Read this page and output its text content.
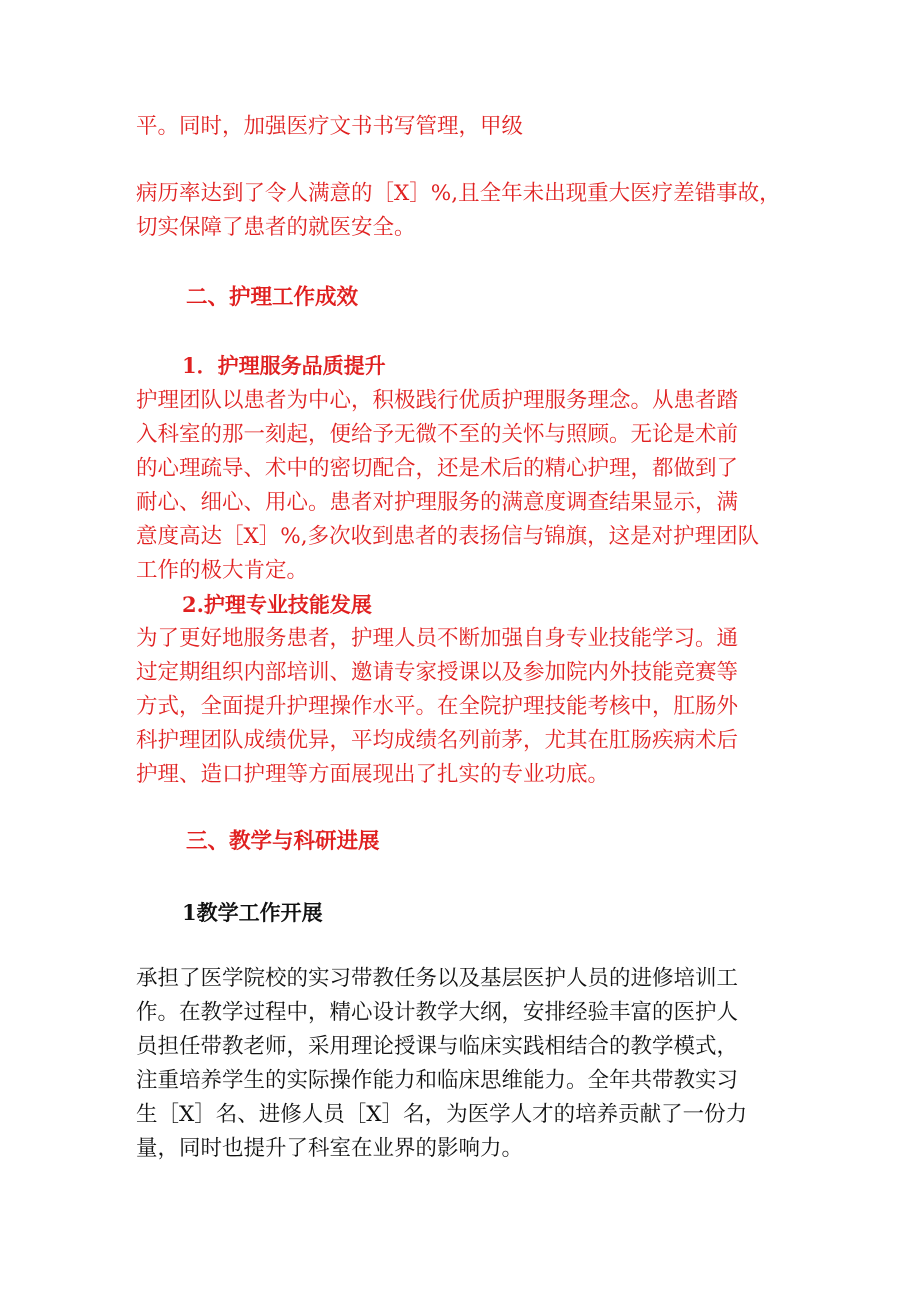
平。同时，加强医疗文书书写管理，甲级
病历率达到了令人满意的［X］%,且全年未出现重大医疗差错事故，
切实保障了患者的就医安全。
二、护理工作成效
1．护理服务品质提升
护理团队以患者为中心，积极践行优质护理服务理念。从患者踏
入科室的那一刻起，便给予无微不至的关怀与照顾。无论是术前
的心理疏导、术中的密切配合，还是术后的精心护理，都做到了
耐心、细心、用心。患者对护理服务的满意度调查结果显示，满
意度高达［X］%,多次收到患者的表扬信与锦旗，这是对护理团队
工作的极大肯定。
2.护理专业技能发展
为了更好地服务患者，护理人员不断加强自身专业技能学习。通
过定期组织内部培训、邀请专家授课以及参加院内外技能竞赛等
方式，全面提升护理操作水平。在全院护理技能考核中，肛肠外
科护理团队成绩优异，平均成绩名列前茅，尤其在肛肠疾病术后
护理、造口护理等方面展现出了扎实的专业功底。
三、教学与科研进展
1教学工作开展
承担了医学院校的实习带教任务以及基层医护人员的进修培训工
作。在教学过程中，精心设计教学大纲，安排经验丰富的医护人
员担任带教老师，采用理论授课与临床实践相结合的教学模式，
注重培养学生的实际操作能力和临床思维能力。全年共带教实习
生［X］名、进修人员［X］名，为医学人才的培养贡献了一份力
量，同时也提升了科室在业界的影响力。
